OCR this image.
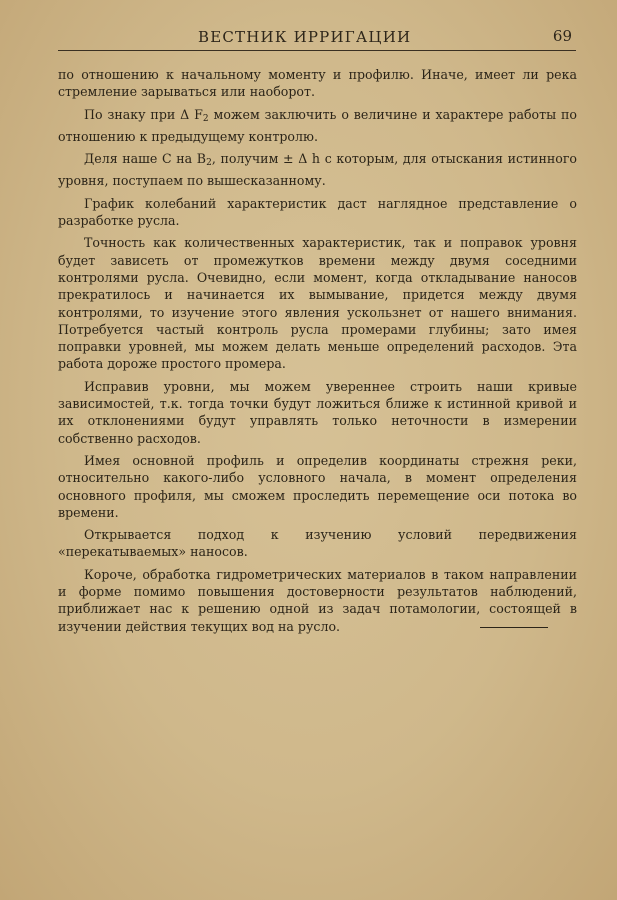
ВЕСТНИК ИРРИГАЦИИ	69

по отношению к начальному моменту и профилю. Иначе, имеет ли река стремление зарываться или наоборот.

По знаку при Δ $F_2$ можем заключить о величине и характере работы по отношению к предыдущему контролю.

Деля наше C на $B_2$, получим ± Δ h с которым, для отыскания истинного уровня, поступаем по вышесказанному.

График колебаний характеристик даст наглядное представление о разработке русла.

Точность как количественных характеристик, так и поправок уровня будет зависеть от промежутков времени между двумя соседними контролями русла. Очевидно, если момент, когда откладывание наносов прекратилось и начинается их вымывание, придется между двумя контролями, то изучение этого явления ускользнет от нашего внимания. Потребуется частый контроль русла промерами глубины; зато имея поправки уровней, мы можем делать меньше определений расходов. Эта работа дороже простого промера.

Исправив уровни, мы можем увереннее строить наши кривые зависимостей, т.к. тогда точки будут ложиться ближе к истинной кривой и их отклонениями будут управлять только неточности в измерении собственно расходов.

Имея основной профиль и определив координаты стрежня реки, относительно какого-либо условного начала, в момент определения основного профиля, мы сможем проследить перемещение оси потока во времени.

Открывается подход к изучению условий передвижения «перекатываемых» наносов.

Короче, обработка гидрометрических материалов в таком направлении и форме помимо повышения достоверности результатов наблюдений, приближает нас к решению одной из задач потамологии, состоящей в изучении действия текущих вод на русло.
